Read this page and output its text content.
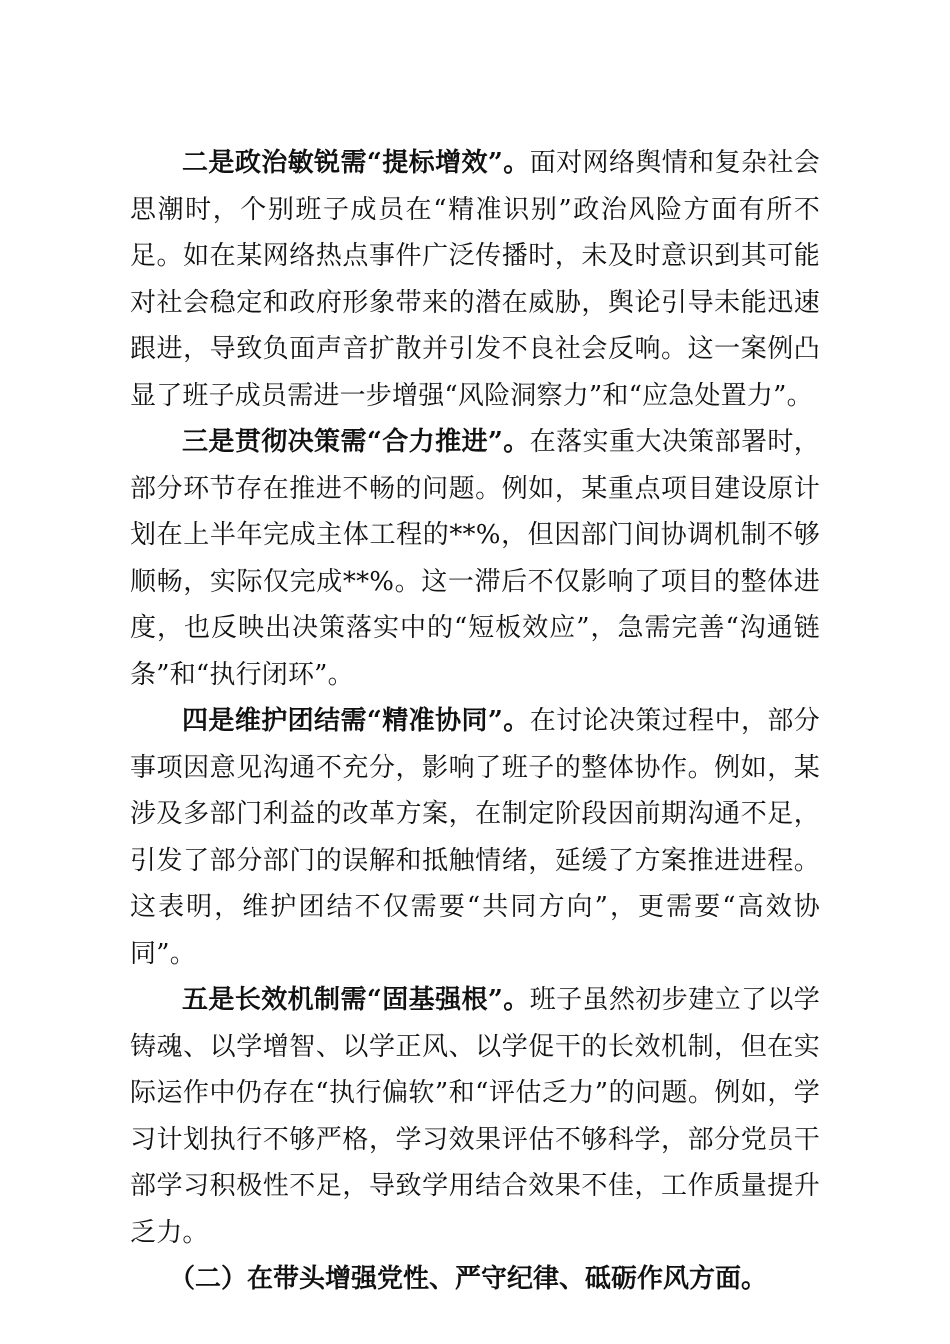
二是政治敏锐需“提标增效”。面对网络舆情和复杂社会思潮时，个别班子成员在“精准识别”政治风险方面有所不足。如在某网络热点事件广泛传播时，未及时意识到其可能对社会稳定和政府形象带来的潜在威胁，舆论引导未能迅速跟进，导致负面声音扩散并引发不良社会反响。这一案例凸显了班子成员需进一步增强“风险洞察力”和“应急处置力”。

三是贯彻决策需“合力推进”。在落实重大决策部署时，部分环节存在推进不畅的问题。例如，某重点项目建设原计划在上半年完成主体工程的**%，但因部门间协调机制不够顺畅，实际仅完成**%。这一滞后不仅影响了项目的整体进度，也反映出决策落实中的“短板效应”，急需完善“沟通链条”和“执行闭环”。

四是维护团结需“精准协同”。在讨论决策过程中，部分事项因意见沟通不充分，影响了班子的整体协作。例如，某涉及多部门利益的改革方案，在制定阶段因前期沟通不足，引发了部分部门的误解和抵触情绪，延缓了方案推进进程。这表明，维护团结不仅需要“共同方向”，更需要“高效协同”。

五是长效机制需“固基强根”。班子虽然初步建立了以学铸魂、以学增智、以学正风、以学促干的长效机制，但在实际运作中仍存在“执行偏软”和“评估乏力”的问题。例如，学习计划执行不够严格，学习效果评估不够科学，部分党员干部学习积极性不足，导致学用结合效果不佳，工作质量提升乏力。

（二）在带头增强党性、严守纪律、砥砺作风方面。
